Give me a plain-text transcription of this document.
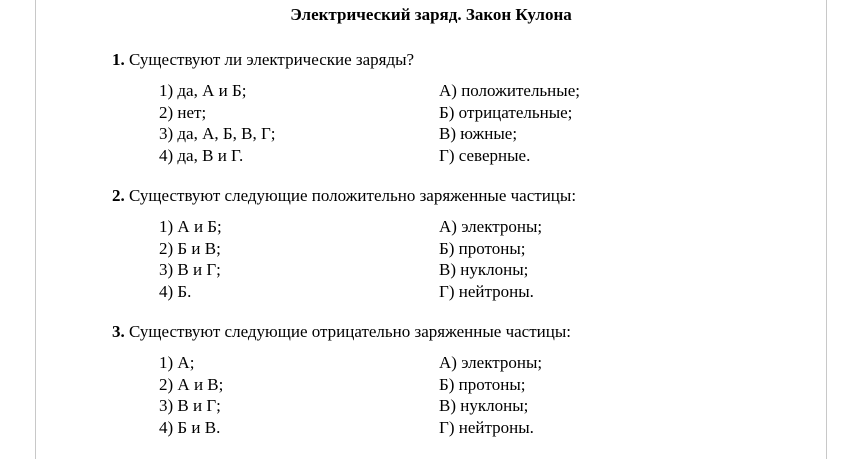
Электрический заряд. Закон Кулона
1. Существуют ли электрические заряды?
1) да, А и Б;
2) нет;
3) да, А, Б, В, Г;
4) да, В и Г.
А) положительные;
Б) отрицательные;
В) южные;
Г) северные.
2. Существуют следующие положительно заряженные частицы:
1) А и Б;
2) Б и В;
3) В и Г;
4) Б.
А) электроны;
Б) протоны;
В) нуклоны;
Г) нейтроны.
3. Существуют следующие отрицательно заряженные частицы:
1) А;
2) А и В;
3) В и Г;
4) Б и В.
А) электроны;
Б) протоны;
В) нуклоны;
Г) нейтроны.
